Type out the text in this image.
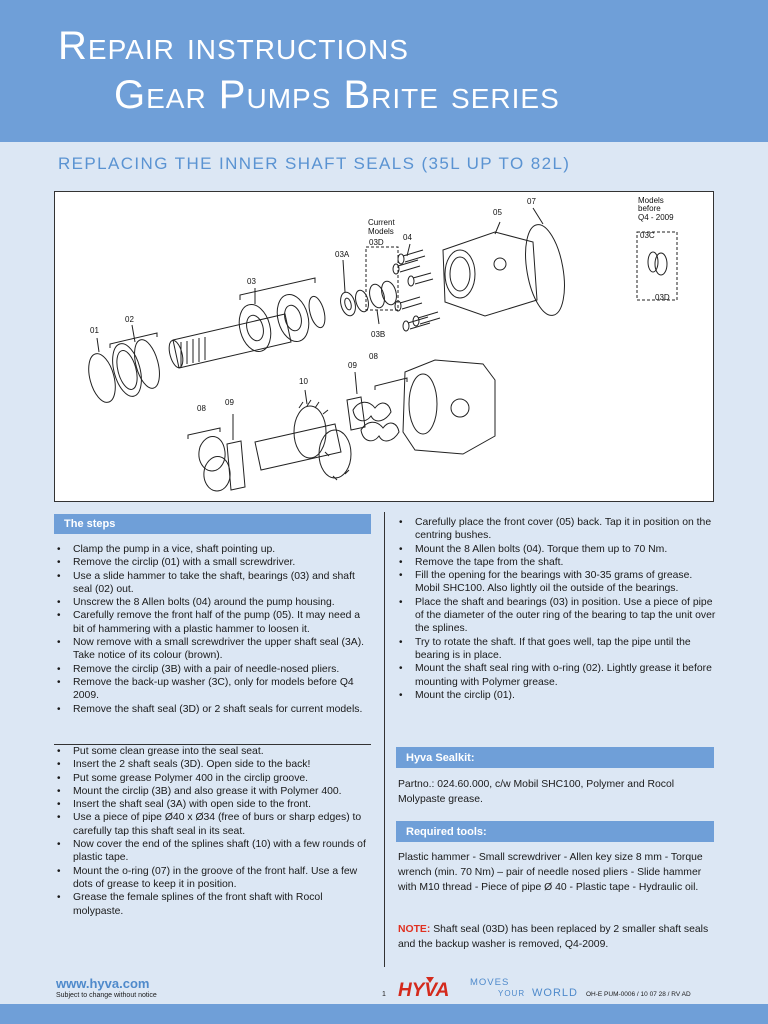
Repair instructions
Gear Pumps Brite series
REPLACING THE INNER SHAFT SEALS (35L UP TO 82L)
01
02
03
03A
03B
Current
Models
03D
04
05
07	Models
before
Q4 - 2009
03C
03D
08
09
10
08
09
The steps
• Clamp the pump in a vice, shaft pointing up.
• Remove the circlip (01) with a small screwdriver.
• Use a slide hammer to take the shaft, bearings (03) and shaft seal (02) out.
• Unscrew the 8 Allen bolts (04) around the pump housing.
• Carefully remove the front half of the pump (05). It may need a bit of hammering with a plastic hammer to loosen it.
• Now remove with a small screwdriver the upper shaft seal (3A). Take notice of its colour (brown).
• Remove the circlip (3B) with a pair of needle-nosed pliers.
• Remove the back-up washer (3C), only for models before Q4 2009.
• Remove the shaft seal (3D) or 2 shaft seals for current models.
• Put some clean grease into the seal seat.
• Insert the 2 shaft seals (3D). Open side to the back!
• Put some grease Polymer 400 in the circlip groove.
• Mount the circlip (3B) and also grease it with Polymer 400.
• Insert the shaft seal (3A) with open side to the front.
• Use a piece of pipe Ø40 x Ø34 (free of burs or sharp edges) to carefully tap this shaft seal in its seat.
• Now cover the end of the splines shaft (10) with a few rounds of plastic tape.
• Mount the o-ring (07) in the groove of the front half. Use a few dots of grease to keep it in position.
• Grease the female splines of the front shaft with Rocol molypaste.
• Carefully place the front cover (05) back. Tap it in position on the centring bushes.
• Mount the 8 Allen bolts (04). Torque them up to 70 Nm.
• Remove the tape from the shaft.
• Fill the opening for the bearings with 30-35 grams of grease. Mobil SHC100. Also lightly oil the outside of the bearings.
• Place the shaft and bearings (03) in position. Use a piece of pipe of the diameter of the outer ring of the bearing to tap the unit over the splines.
• Try to rotate the shaft. If that goes well, tap the pipe until the bearing is in place.
• Mount the shaft seal ring with o-ring (02). Lightly grease it before mounting with Polymer grease.
• Mount the circlip (01).
Hyva Sealkit:
Partno.: 024.60.000, c/w Mobil SHC100, Polymer and Rocol Molypaste grease.
Required tools:
Plastic hammer - Small screwdriver - Allen key size 8 mm - Torque wrench (min. 70 Nm) – pair of needle nosed pliers - Slide hammer with M10 thread - Piece of pipe Ø 40 - Plastic tape - Hydraulic oil.
NOTE: Shaft seal (03D) has been replaced by 2 smaller shaft seals and the backup washer is removed, Q4-2009.
www.hyva.com
Subject to change without notice	1 HYVA MOVES
YOUR WORLD OH-E PUM-0006 / 10 07 28 / RV AD
